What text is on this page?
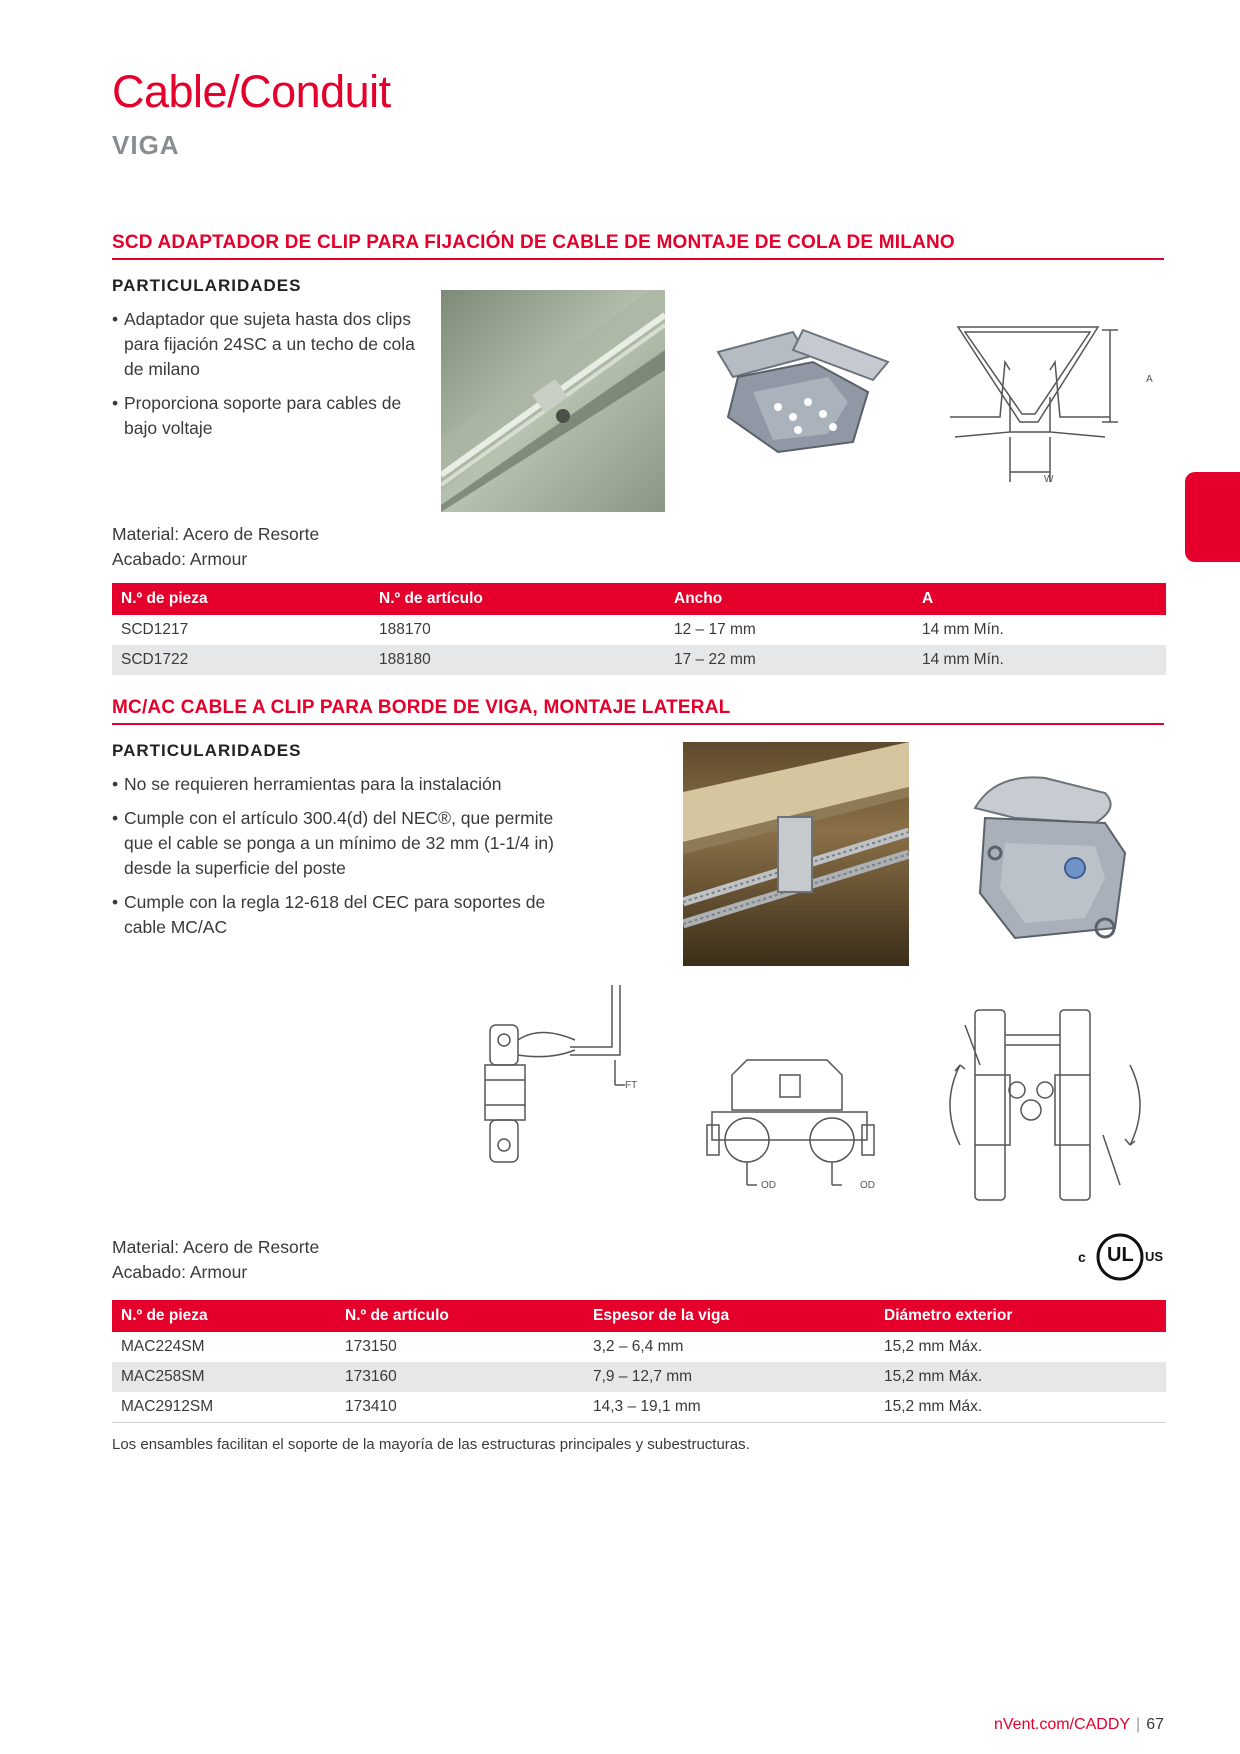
Cable/Conduit
VIGA
SCD ADAPTADOR DE CLIP PARA FIJACIÓN DE CABLE DE MONTAJE DE COLA DE MILANO
PARTICULARIDADES
• Adaptador que sujeta hasta dos clips para fijación 24SC a un techo de cola de milano
• Proporciona soporte para cables de bajo voltaje
A
W
Material: Acero de Resorte
Acabado: Armour
N.º de pieza	N.º de artículo	Ancho	A
SCD1217	188170	12 – 17 mm	14 mm Mín.
SCD1722	188180	17 – 22 mm	14 mm Mín.
MC/AC CABLE A CLIP PARA BORDE DE VIGA, MONTAJE LATERAL
PARTICULARIDADES
• No se requieren herramientas para la instalación
• Cumple con el artículo 300.4(d) del NEC®, que permite que el cable se ponga a un mínimo de 32 mm (1-1/4 in) desde la superficie del poste
• Cumple con la regla 12-618 del CEC para soportes de cable MC/AC
FT
OD	OD
Material: Acero de Resorte
Acabado: Armour
c UL US
N.º de pieza	N.º de artículo	Espesor de la viga	Diámetro exterior
MAC224SM	173150	3,2 – 6,4 mm	15,2 mm Máx.
MAC258SM	173160	7,9 – 12,7 mm	15,2 mm Máx.
MAC2912SM	173410	14,3 – 19,1 mm	15,2 mm Máx.
Los ensambles facilitan el soporte de la mayoría de las estructuras principales y subestructuras.
nVent.com/CADDY | 67
